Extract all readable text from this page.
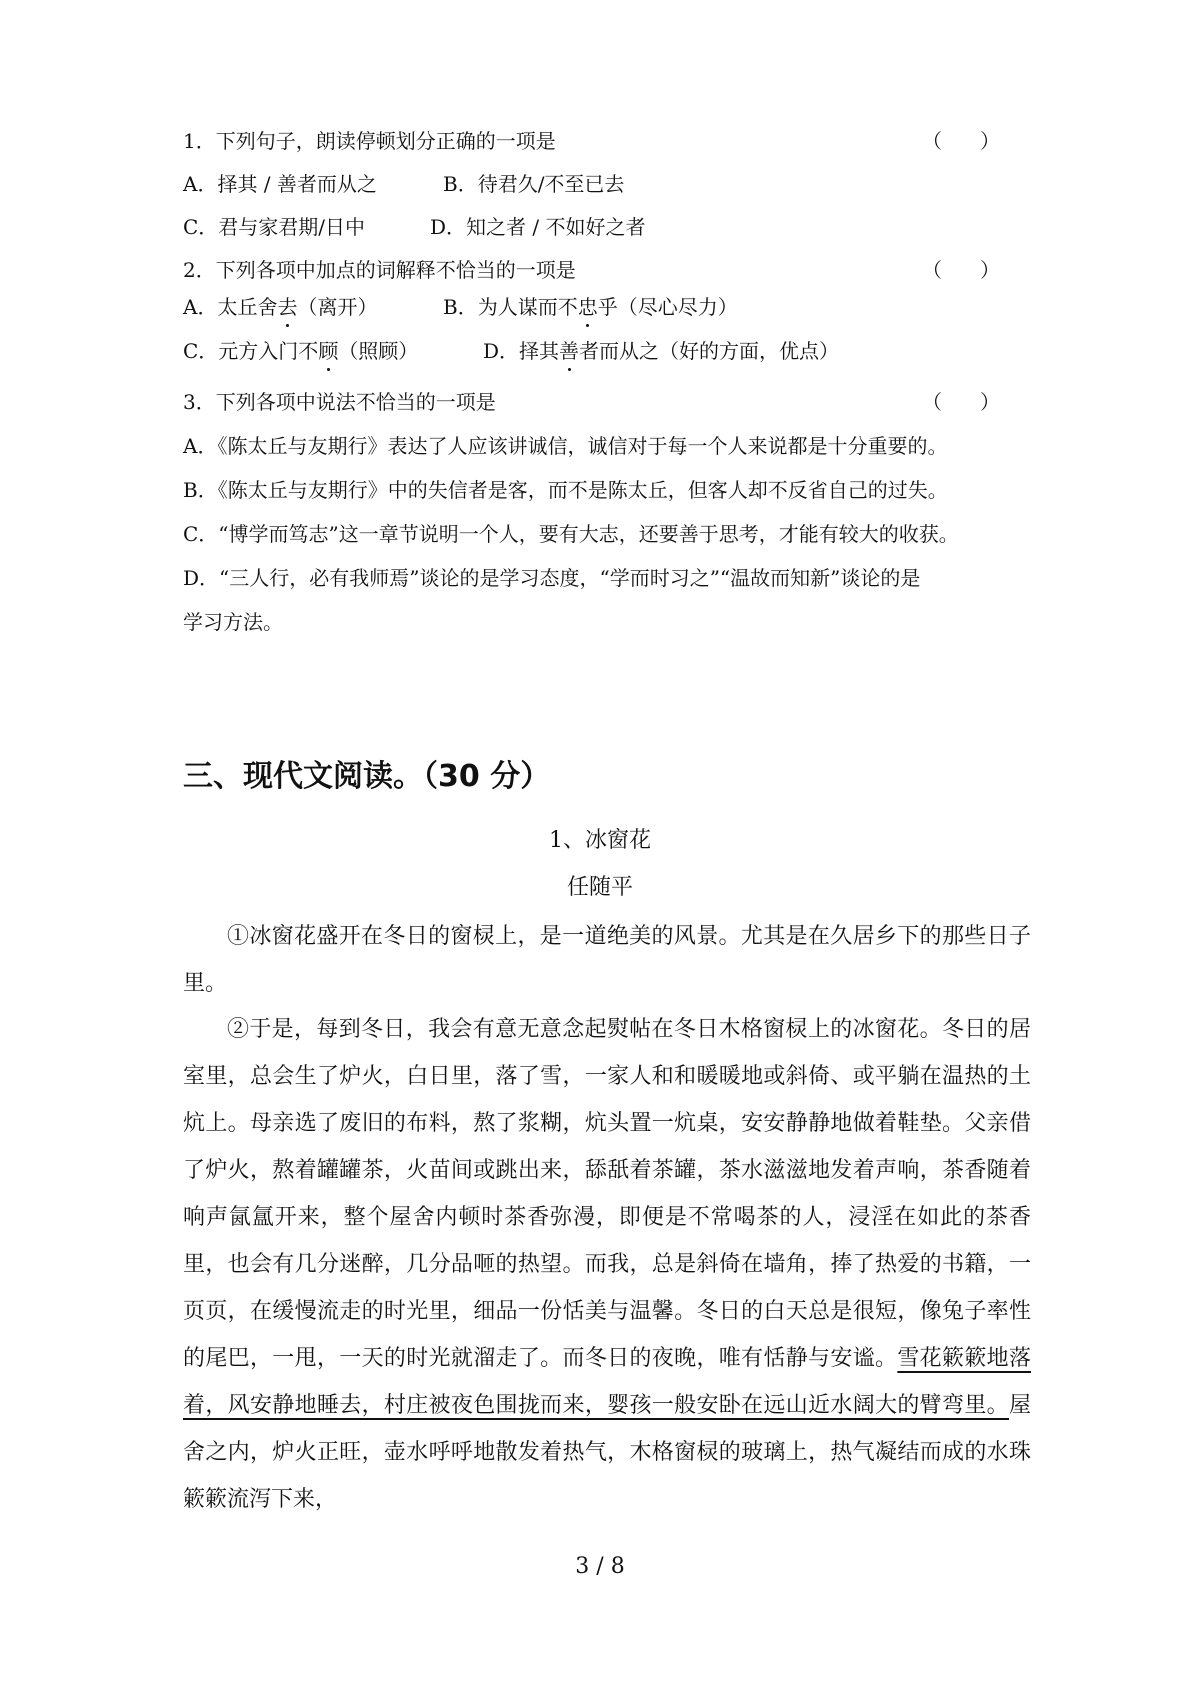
1．下列句子，朗读停顿划分正确的一项是	（）
A．择其 / 善者而从之	B．待君久/不至已去
C．君与家君期/日中	D．知之者 / 不如好之者
2．下列各项中加点的词解释不恰当的一项是	（）
A．太丘舍去（离开）	B．为人谋而不忠乎（尽心尽力）
C．元方入门不顾（照顾）	D．择其善者而从之（好的方面，优点）
3．下列各项中说法不恰当的一项是	（）
A．《陈太丘与友期行》表达了人应该讲诚信，诚信对于每一个人来说都是十分重要的。
B．《陈太丘与友期行》中的失信者是客，而不是陈太丘，但客人却不反省自己的过失。
C．“博学而笃志”这一章节说明一个人，要有大志，还要善于思考，才能有较大的收获。
D．“三人行，必有我师焉”谈论的是学习态度，“学而时习之”“温故而知新”谈论的是
学习方法。
三、现代文阅读。（30 分）
1、冰窗花
任随平
①冰窗花盛开在冬日的窗棂上，是一道绝美的风景。尤其是在久居乡下的那些日子里。
②于是，每到冬日，我会有意无意念起熨帖在冬日木格窗棂上的冰窗花。冬日的居室里，总会生了炉火，白日里，落了雪，一家人和和暖暖地或斜倚、或平躺在温热的土炕上。母亲选了废旧的布料，熬了浆糊，炕头置一炕桌，安安静静地做着鞋垫。父亲借了炉火，熬着罐罐茶，火苗间或跳出来，舔舐着茶罐，茶水滋滋地发着声响，茶香随着响声氤氲开来，整个屋舍内顿时茶香弥漫，即便是不常喝茶的人，浸淫在如此的茶香里，也会有几分迷醉，几分品咂的热望。而我，总是斜倚在墙角，捧了热爱的书籍，一页页，在缓慢流走的时光里，细品一份恬美与温馨。冬日的白天总是很短，像兔子率性的尾巴，一甩，一天的时光就溜走了。而冬日的夜晚，唯有恬静与安谧。雪花簌簌地落着，风安静地睡去，村庄被夜色围拢而来，婴孩一般安卧在远山近水阔大的臂弯里。屋舍之内，炉火正旺，壶水呼呼地散发着热气，木格窗棂的玻璃上，热气凝结而成的水珠簌簌流泻下来，
3 / 8
